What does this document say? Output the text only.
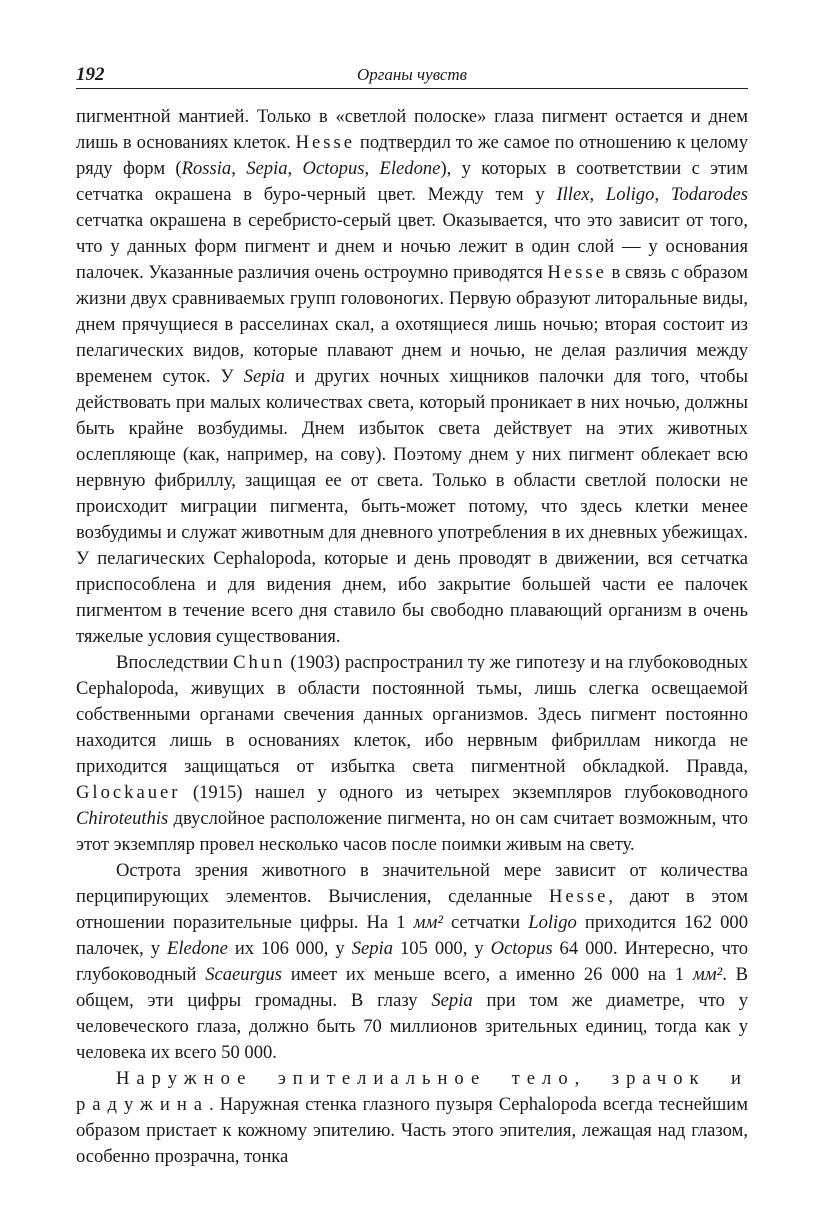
192	Органы чувств

пигментной мантией. Только в «светлой полоске» глаза пигмент остается и днем лишь в основаниях клеток. Hesse подтвердил то же самое по отношению к целому ряду форм (Rossia, Sepia, Octopus, Eledone), у которых в соответствии с этим сетчатка окрашена в буро-черный цвет. Между тем у Illex, Loligo, Todarodes сетчатка окрашена в серебристо-серый цвет. Оказывается, что это зависит от того, что у данных форм пигмент и днем и ночью лежит в один слой — у основания палочек. Указанные различия очень остроумно приводятся Hesse в связь с образом жизни двух сравниваемых групп головоногих. Первую образуют литоральные виды, днем прячущиеся в расселинах скал, а охотящиеся лишь ночью; вторая состоит из пелагических видов, которые плавают днем и ночью, не делая различия между временем суток. У Sepia и других ночных хищников палочки для того, чтобы действовать при малых количествах света, который проникает в них ночью, должны быть крайне возбудимы. Днем избыток света действует на этих животных ослепляюще (как, например, на сову). Поэтому днем у них пигмент облекает всю нервную фибриллу, защищая ее от света. Только в области светлой полоски не происходит миграции пигмента, быть-может потому, что здесь клетки менее возбудимы и служат животным для дневного употребления в их дневных убежищах. У пелагических Cephalopoda, которые и день проводят в движении, вся сетчатка приспособлена и для видения днем, ибо закрытие большей части ее палочек пигментом в течение всего дня ставило бы свободно плавающий организм в очень тяжелые условия существования.

Впоследствии Chun (1903) распространил ту же гипотезу и на глубоководных Cephalopoda, живущих в области постоянной тьмы, лишь слегка освещаемой собственными органами свечения данных организмов. Здесь пигмент постоянно находится лишь в основаниях клеток, ибо нервным фибриллам никогда не приходится защищаться от избытка света пигментной обкладкой. Правда, Glockauer (1915) нашел у одного из четырех экземпляров глубоководного Chiroteuthis двуслойное расположение пигмента, но он сам считает возможным, что этот экземпляр провел несколько часов после поимки живым на свету.

Острота зрения животного в значительной мере зависит от количества перципирующих элементов. Вычисления, сделанные Hesse, дают в этом отношении поразительные цифры. На 1 мм² сетчатки Loligo приходится 162 000 палочек, у Eledone их 106 000, у Sepia 105 000, у Octopus 64 000. Интересно, что глубоководный Scaeurgus имеет их меньше всего, а именно 26 000 на 1 мм². В общем, эти цифры громадны. В глазу Sepia при том же диаметре, что у человеческого глаза, должно быть 70 миллионов зрительных единиц, тогда как у человека их всего 50 000.

Наружное эпителиальное тело, зрачок и радужина. Наружная стенка глазного пузыря Cephalopoda всегда теснейшим образом пристает к кожному эпителию. Часть этого эпителия, лежащая над глазом, особенно прозрачна, тонка
